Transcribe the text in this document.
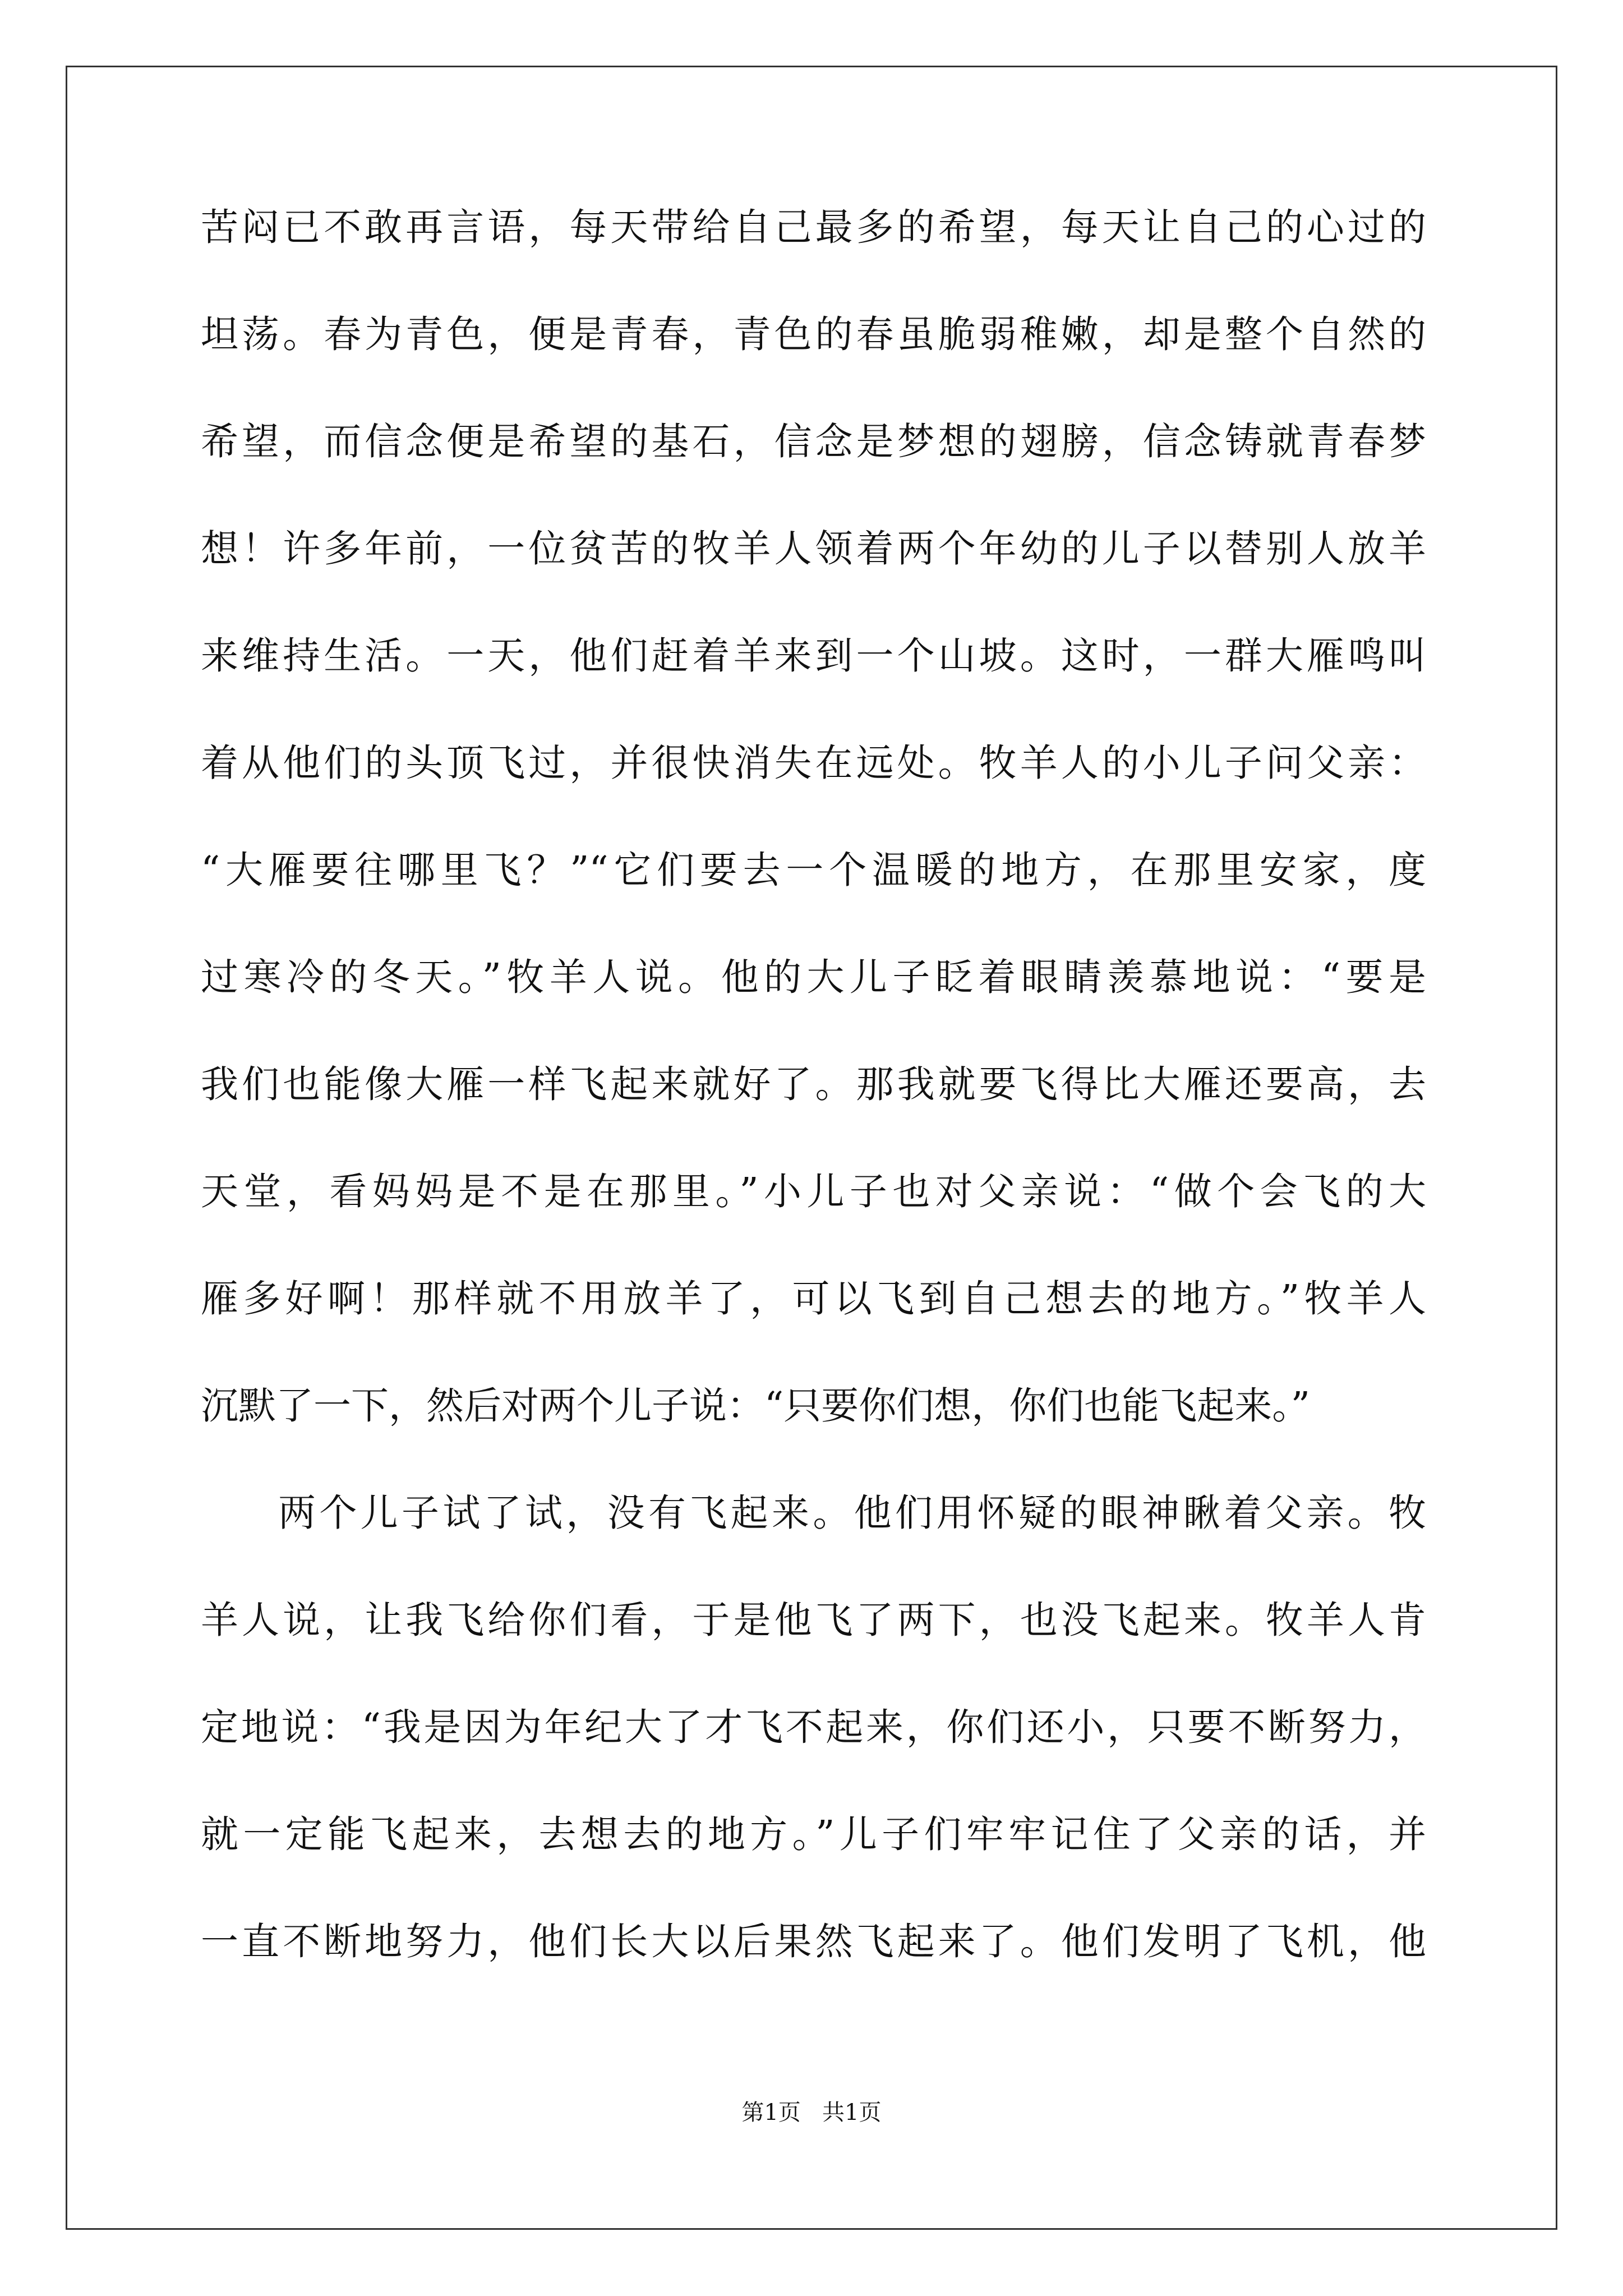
苦闷已不敢再言语，每天带给自己最多的希望，每天让自己的心过的
坦荡。春为青色，便是青春，青色的春虽脆弱稚嫩，却是整个自然的
希望，而信念便是希望的基石，信念是梦想的翅膀，信念铸就青春梦
想！许多年前，一位贫苦的牧羊人领着两个年幼的儿子以替别人放羊
来维持生活。一天，他们赶着羊来到一个山坡。这时，一群大雁鸣叫
着从他们的头顶飞过，并很快消失在远处。牧羊人的小儿子问父亲：
“大雁要往哪里飞？”“它们要去一个温暖的地方，在那里安家，度
过寒冷的冬天。”牧羊人说。他的大儿子眨着眼睛羡慕地说：“要是
我们也能像大雁一样飞起来就好了。那我就要飞得比大雁还要高，去
天堂，看妈妈是不是在那里。”小儿子也对父亲说：“做个会飞的大
雁多好啊！那样就不用放羊了，可以飞到自己想去的地方。”牧羊人
沉默了一下，然后对两个儿子说：“只要你们想，你们也能飞起来。”
两个儿子试了试，没有飞起来。他们用怀疑的眼神瞅着父亲。牧
羊人说，让我飞给你们看，于是他飞了两下，也没飞起来。牧羊人肯
定地说：“我是因为年纪大了才飞不起来，你们还小，只要不断努力，
就一定能飞起来，去想去的地方。”儿子们牢牢记住了父亲的话，并
一直不断地努力，他们长大以后果然飞起来了。他们发明了飞机，他
第1页   共1页
